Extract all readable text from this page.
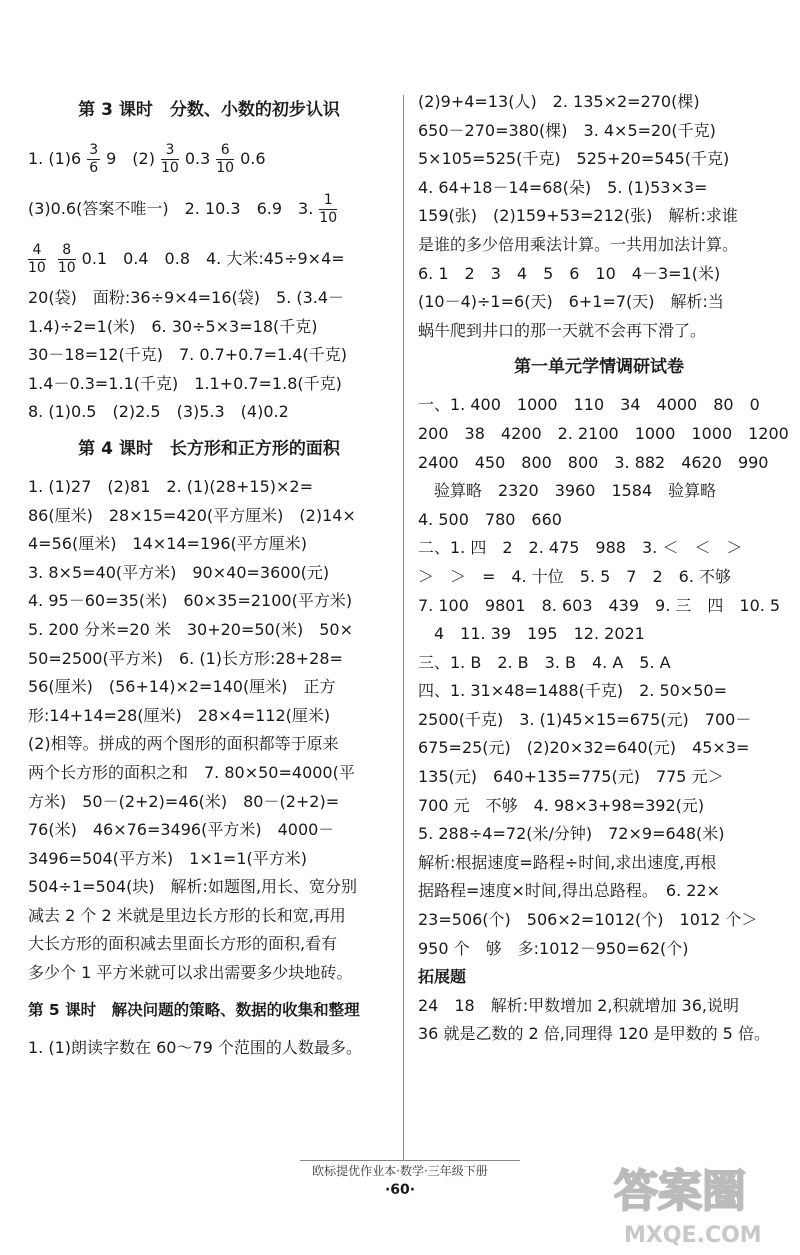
第 3 课时　分数、小数的初步认识
1. $(1)6 \frac{3}{6} 9$　$(2) \frac{3}{10} 0.3 \frac{6}{10} 0.6$
(3)0.6(答案不唯一)　2. 10.3　6.9　3. $\frac{1}{10}$
$\frac{4}{10} \frac{8}{10} 0.1$　0.4　0.8　4. 大米:45÷9×4=
20(袋)　面粉:36÷9×4=16(袋)　5. (3.4－
1.4)÷2=1(米)　6. 30÷5×3=18(千克)
30－18=12(千克)　7. 0.7+0.7=1.4(千克)
1.4－0.3=1.1(千克)　1.1+0.7=1.8(千克)
8. (1)0.5　(2)2.5　(3)5.3　(4)0.2
第 4 课时　长方形和正方形的面积
1. (1)27　(2)81　2. (1)(28+15)×2=
86(厘米)　28×15=420(平方厘米)　(2)14×
4=56(厘米)　14×14=196(平方厘米)
3. 8×5=40(平方米)　90×40=3600(元)
4. 95－60=35(米)　60×35=2100(平方米)
5. 200 分米=20 米　30+20=50(米)　50×
50=2500(平方米)　6. (1)长方形:28+28=
56(厘米)　(56+14)×2=140(厘米)　正方
形:14+14=28(厘米)　28×4=112(厘米)
(2)相等。拼成的两个图形的面积都等于原来
两个长方形的面积之和　7. 80×50=4000(平
方米)　50－(2+2)=46(米)　80－(2+2)=
76(米)　46×76=3496(平方米)　4000－
3496=504(平方米)　1×1=1(平方米)
504÷1=504(块)　解析:如题图,用长、宽分别
减去 2 个 2 米就是里边长方形的长和宽,再用
大长方形的面积减去里面长方形的面积,看有
多少个 1 平方米就可以求出需要多少块地砖。
第 5 课时　解决问题的策略、数据的收集和整理
1. (1)朗读字数在 60～79 个范围的人数最多。
(2)9+4=13(人)　2. 135×2=270(棵)
650－270=380(棵)　3. 4×5=20(千克)
5×105=525(千克)　525+20=545(千克)
4. 64+18－14=68(朵)　5. (1)53×3=
159(张)　(2)159+53=212(张)　解析:求谁
是谁的多少倍用乘法计算。一共用加法计算。
6. 1　2　3　4　5　6　10　4－3=1(米)
(10－4)÷1=6(天)　6+1=7(天)　解析:当
蜗牛爬到井口的那一天就不会再下滑了。
第一单元学情调研试卷
一、1. 400　1000　110　34　4000　80　0
200　38　4200　2. 2100　1000　1000　1200
2400　450　800　800　3. 882　4620　990
　验算略　2320　3960　1584　验算略
4. 500　780　660
二、1. 四　2　2. 475　988　3. ＜　＜　＞
＞　＞　=　4. 十位　5. 5　7　2　6. 不够
7. 100　9801　8. 603　439　9. 三　四　10. 5
　4　11. 39　195　12. 2021
三、1. B　2. B　3. B　4. A　5. A
四、1. 31×48=1488(千克)　2. 50×50=
2500(千克)　3. (1)45×15=675(元)　700－
675=25(元)　(2)20×32=640(元)　45×3=
135(元)　640+135=775(元)　775 元＞
700 元　不够　4. 98×3+98=392(元)
5. 288÷4=72(米/分钟)　72×9=648(米)
解析:根据速度=路程÷时间,求出速度,再根
据路程=速度×时间,得出总路程。　6. 22×
23=506(个)　506×2=1012(个)　1012 个＞
950 个　够　多:1012－950=62(个)
拓展题
24　18　解析:甲数增加 2,积就增加 36,说明
36 就是乙数的 2 倍,同理得 120 是甲数的 5 倍。
欧标提优作业本·数学·三年级下册
·60·	答案圈
MXQE.COM
